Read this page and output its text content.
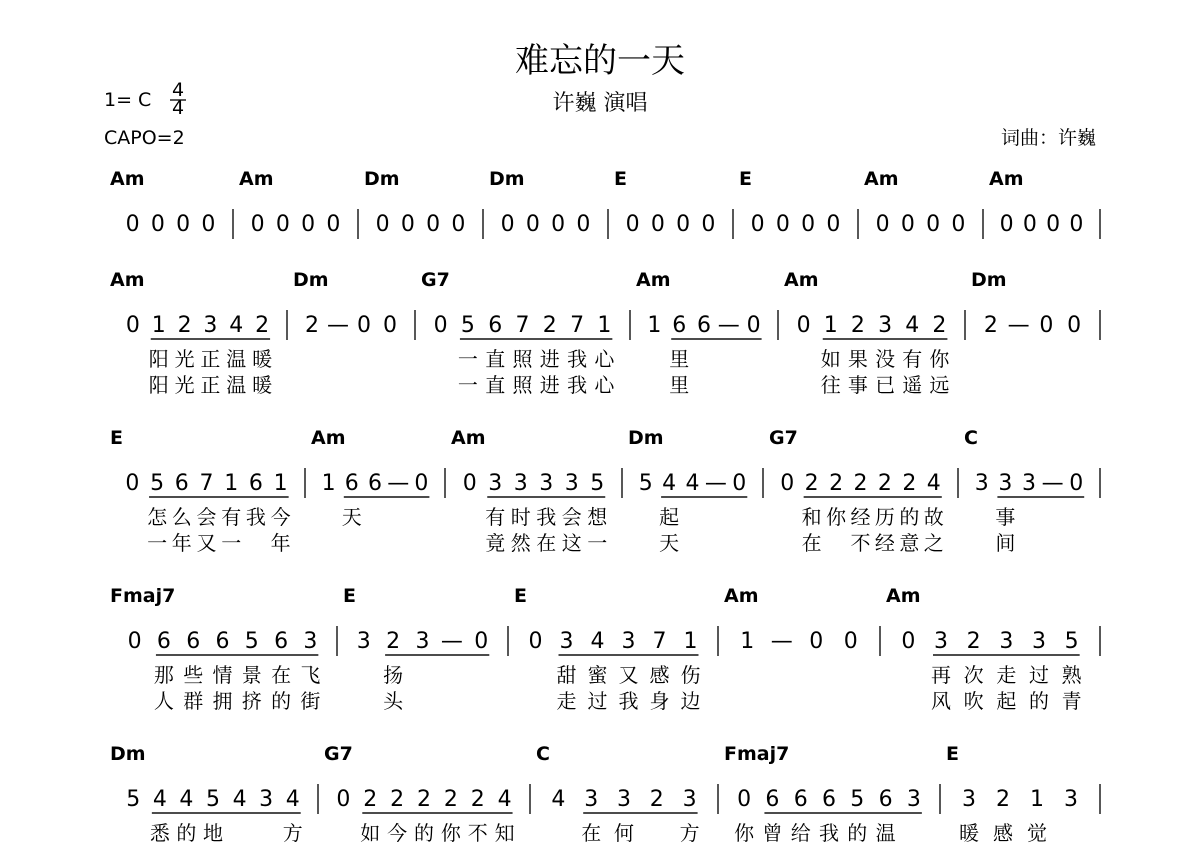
难忘的一天
许巍 演唱
1= C 4
4
CAPO=2	词曲：许巍
Am
0 0 0 0
Am
0 0 0 0
Dm
0 0 0 0
Dm
0 0 0 0
E
0 0 0 0
E
0 0 0 0
Am
0 0 0 0
Am
0 0 0 0
Am
0 1 2 3 4 2
阳 光 正 温 暖
阳 光 正 温 暖
Dm
2 — 0 0
G7
0 5 6 7 2 7 1
一 直 照 进 我 心
一 直 照 进 我 心
Am
1 6 6 — 0
里
里
Am
0 1 2 3 4 2
如 果 没 有 你
往 事 已 遥 远
Dm
2 — 0 0
E
0 5 6 7 1 6 1
怎 么 会 有 我 今
一 年 又 一 年
Am
1 6 6 — 0
天
Am
0 3 3 3 3 5
有 时 我 会 想
竟 然 在 这 一
Dm
5 4 4 — 0
起
天
G7
0 2 2 2 2 2 4
和 你 经 历 的 故
在 不 经 意 之
C
3 3 3 — 0
事
间
Fmaj7
0 6 6 6 5 6 3
那 些 情 景 在 飞
人 群 拥 挤 的 街
E
3 2 3 — 0
扬
头
E
0 3 4 3 7 1
甜 蜜 又 感 伤
走 过 我 身 边
Am
1 — 0 0
Am
0 3 2 3 3 5
再 次 走 过 熟
风 吹 起 的 青
Dm
5 4 4 5 4 3 4
悉 的 地	方
G7
0 2 2 2 2 2 4
如 今 的 你 不 知
C
4 3 3 2 3
在 何 方
Fmaj7
0 6 6 6 5 6 3
你 曾 给 我 的 温
E
3 2 1 3
暖 感 觉
